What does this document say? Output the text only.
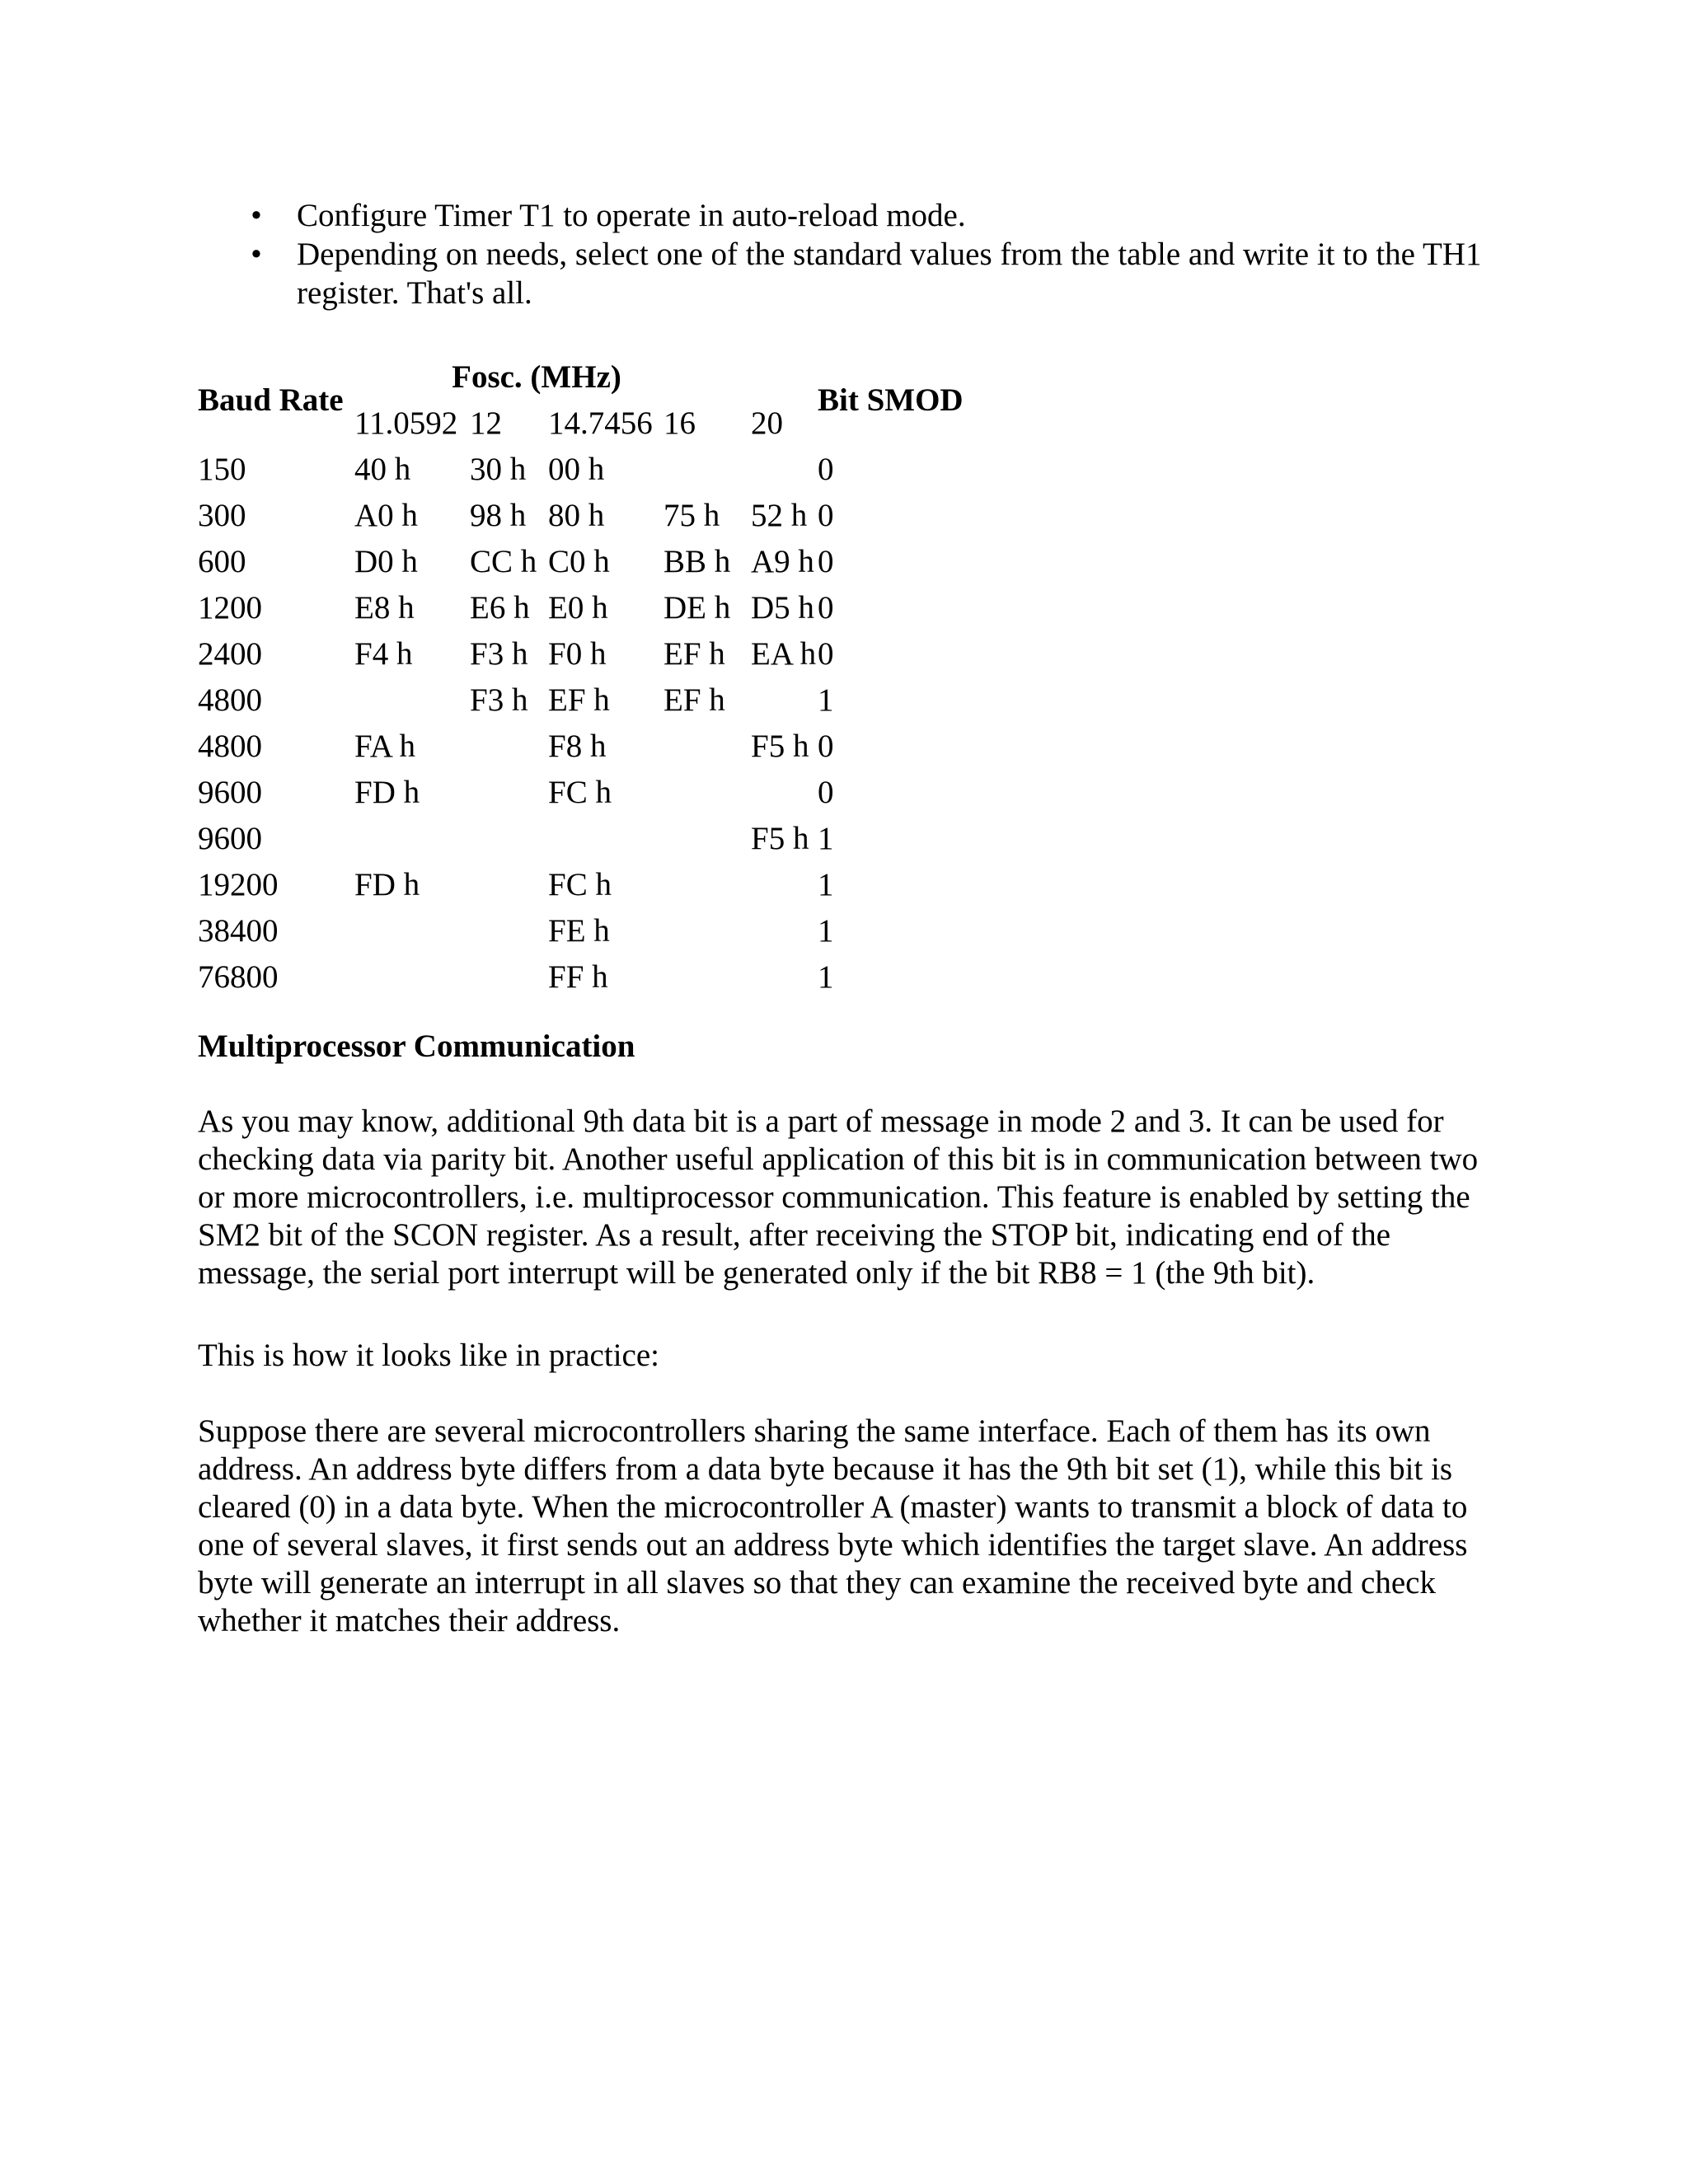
• Configure Timer T1 to operate in auto-reload mode.
• Depending on needs, select one of the standard values from the table and write it to the TH1 register. That's all.
Baud Rate	Fosc. (MHz)					Bit SMOD
	11.0592	12	14.7456	16	20	
150	40 h	30 h	00 h			0
300	A0 h	98 h	80 h	75 h	52 h	0
600	D0 h	CC h	C0 h	BB h	A9 h	0
1200	E8 h	E6 h	E0 h	DE h	D5 h	0
2400	F4 h	F3 h	F0 h	EF h	EA h	0
4800		F3 h	EF h	EF h		1
4800	FA h		F8 h		F5 h	0
9600	FD h		FC h			0
9600					F5 h	1
19200	FD h		FC h			1
38400			FE h			1
76800			FF h			1
Multiprocessor Communication

As you may know, additional 9th data bit is a part of message in mode 2 and 3. It can be used for checking data via parity bit. Another useful application of this bit is in communication between two or more microcontrollers, i.e. multiprocessor communication. This feature is enabled by setting the SM2 bit of the SCON register. As a result, after receiving the STOP bit, indicating end of the message, the serial port interrupt will be generated only if the bit RB8 = 1 (the 9th bit).

This is how it looks like in practice:

Suppose there are several microcontrollers sharing the same interface. Each of them has its own address. An address byte differs from a data byte because it has the 9th bit set (1), while this bit is cleared (0) in a data byte. When the microcontroller A (master) wants to transmit a block of data to one of several slaves, it first sends out an address byte which identifies the target slave. An address byte will generate an interrupt in all slaves so that they can examine the received byte and check whether it matches their address.
